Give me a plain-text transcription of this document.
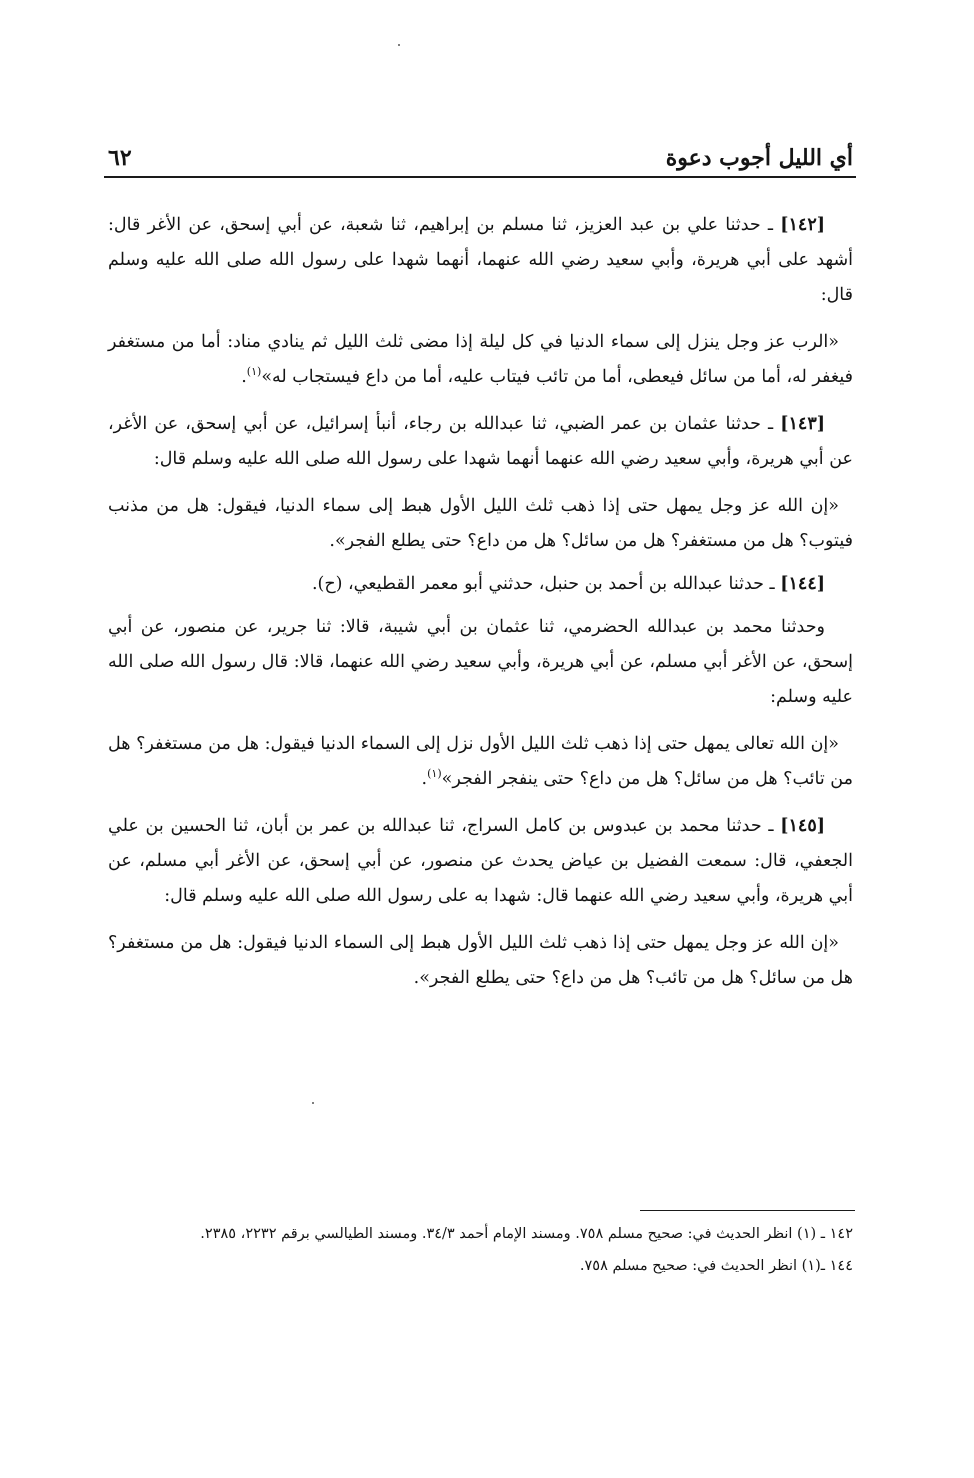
أي الليل أجوب دعوة
٦٢

[١٤٢] ـ حدثنا علي بن عبد العزيز، ثنا مسلم بن إبراهيم، ثنا شعبة، عن أبي إسحق، عن الأغر قال: أشهد على أبي هريرة، وأبي سعيد رضي الله عنهما، أنهما شهدا على رسول الله صلى الله عليه وسلم قال:

«الرب عز وجل ينزل إلى سماء الدنيا في كل ليلة إذا مضى ثلث الليل ثم ينادي مناد: أما من مستغفر فيغفر له، أما من سائل فيعطى، أما من تائب فيتاب عليه، أما من داع فيستجاب له»$^{(١)}$.

[١٤٣] ـ حدثنا عثمان بن عمر الضبي، ثنا عبدالله بن رجاء، أنبأ إسرائيل، عن أبي إسحق، عن الأغر، عن أبي هريرة، وأبي سعيد رضي الله عنهما أنهما شهدا على رسول الله صلى الله عليه وسلم قال:

«إن الله عز وجل يمهل حتى إذا ذهب ثلث الليل الأول هبط إلى سماء الدنيا، فيقول: هل من مذنب فيتوب؟ هل من مستغفر؟ هل من سائل؟ هل من داع؟ حتى يطلع الفجر».

[١٤٤] ـ حدثنا عبدالله بن أحمد بن حنبل، حدثني أبو معمر القطيعي، (ح).

وحدثنا محمد بن عبدالله الحضرمي، ثنا عثمان بن أبي شيبة، قالا: ثنا جرير، عن منصور، عن أبي إسحق، عن الأغر أبي مسلم، عن أبي هريرة، وأبي سعيد رضي الله عنهما، قالا: قال رسول الله صلى الله عليه وسلم:

«إن الله تعالى يمهل حتى إذا ذهب ثلث الليل الأول نزل إلى السماء الدنيا فيقول: هل من مستغفر؟ هل من تائب؟ هل من سائل؟ هل من داع؟ حتى ينفجر الفجر»$^{(١)}$.

[١٤٥] ـ حدثنا محمد بن عبدوس بن كامل السراج، ثنا عبدالله بن عمر بن أبان، ثنا الحسين بن علي الجعفي، قال: سمعت الفضيل بن عياض يحدث عن منصور، عن أبي إسحق، عن الأغر أبي مسلم، عن أبي هريرة، وأبي سعيد رضي الله عنهما قال: شهدا به على رسول الله صلى الله عليه وسلم قال:

«إن الله عز وجل يمهل حتى إذا ذهب ثلث الليل الأول هبط إلى السماء الدنيا فيقول: هل من مستغفر؟ هل من سائل؟ هل من تائب؟ هل من داع؟ حتى يطلع الفجر».

١٤٢ ـ (١) انظر الحديث في: صحيح مسلم ٧٥٨. ومسند الإمام أحمد ٣٤/٣. ومسند الطيالسي برقم ٢٢٣٢، ٢٣٨٥.

١٤٤ ـ(١) انظر الحديث في: صحيح مسلم ٧٥٨.
